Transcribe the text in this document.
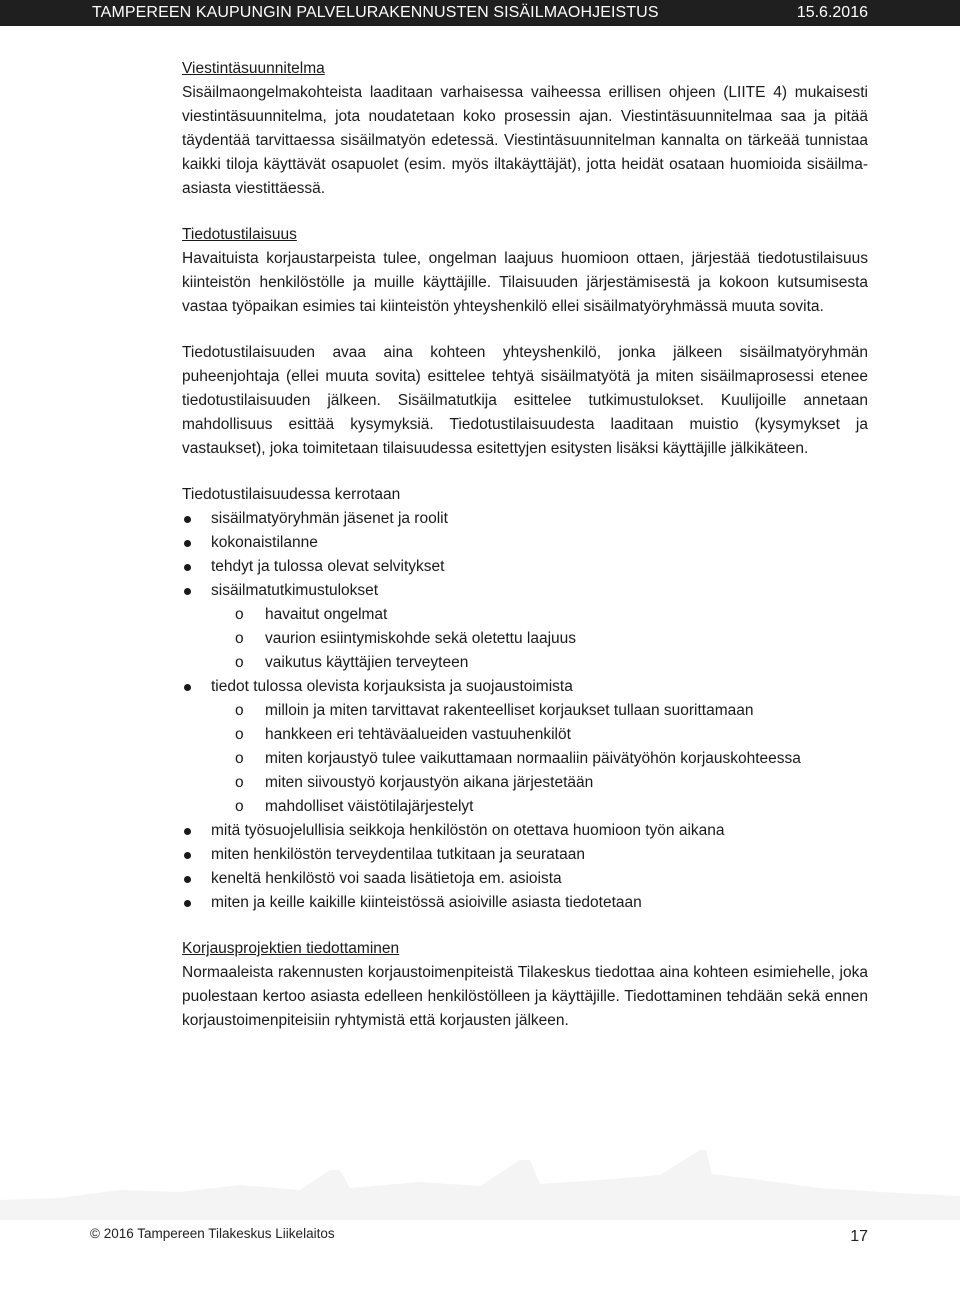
TAMPEREEN KAUPUNGIN PALVELURAKENNUSTEN SISÄILMAOHJEISTUS	15.6.2016
Viestintäsuunnitelma

Sisäilmaongelmakohteista laaditaan varhaisessa vaiheessa erillisen ohjeen (LIITE 4) mukaisesti viestintäsuunnitelma, jota noudatetaan koko prosessin ajan. Viestintäsuunnitelmaa saa ja pitää täydentää tarvittaessa sisäilmatyön edetessä. Viestintäsuunnitelman kannalta on tärkeää tunnistaa kaikki tiloja käyttävät osapuolet (esim. myös iltakäyttäjät), jotta heidät osataan huomioida sisäilma-asiasta viestittäessä.

Tiedotustilaisuus

Havaituista korjaustarpeista tulee, ongelman laajuus huomioon ottaen, järjestää tiedotustilaisuus kiinteistön henkilöstölle ja muille käyttäjille. Tilaisuuden järjestämisestä ja kokoon kutsumisesta vastaa työpaikan esimies tai kiinteistön yhteyshenkilö ellei sisäilmatyöryhmässä muuta sovita.

Tiedotustilaisuuden avaa aina kohteen yhteyshenkilö, jonka jälkeen sisäilmatyöryhmän puheenjohtaja (ellei muuta sovita) esittelee tehtyä sisäilmatyötä ja miten sisäilmaprosessi etenee tiedotustilaisuuden jälkeen. Sisäilmatutkija esittelee tutkimustulokset. Kuulijoille annetaan mahdollisuus esittää kysymyksiä. Tiedotustilaisuudesta laaditaan muistio (kysymykset ja vastaukset), joka toimitetaan tilaisuudessa esitettyjen esitysten lisäksi käyttäjille jälkikäteen.

Tiedotustilaisuudessa kerrotaan
sisäilmatyöryhmän jäsenet ja roolit
kokonaistilanne
tehdyt ja tulossa olevat selvitykset
sisäilmatutkimustulokset
o havaitut ongelmat
o vaurion esiintymiskohde sekä oletettu laajuus
o vaikutus käyttäjien terveyteen
tiedot tulossa olevista korjauksista ja suojaustoimista
o milloin ja miten tarvittavat rakenteelliset korjaukset tullaan suorittamaan
o hankkeen eri tehtäväalueiden vastuuhenkilöt
o miten korjaustyö tulee vaikuttamaan normaaliin päivätyöhön korjauskohteessa
o miten siivoustyö korjaustyön aikana järjestetään
o mahdolliset väistötilajärjestelyt
mitä työsuojelullisia seikkoja henkilöstön on otettava huomioon työn aikana
miten henkilöstön terveydentilaa tutkitaan ja seurataan
keneltä henkilöstö voi saada lisätietoja em. asioista
miten ja keille kaikille kiinteistössä asioiville asiasta tiedotetaan
Korjausprojektien tiedottaminen

Normaaleista rakennusten korjaustoimenpiteistä Tilakeskus tiedottaa aina kohteen esimiehelle, joka puolestaan kertoo asiasta edelleen henkilöstölleen ja käyttäjille. Tiedottaminen tehdään sekä ennen korjaustoimenpiteisiin ryhtymistä että korjausten jälkeen.

© 2016 Tampereen Tilakeskus Liikelaitos	17
